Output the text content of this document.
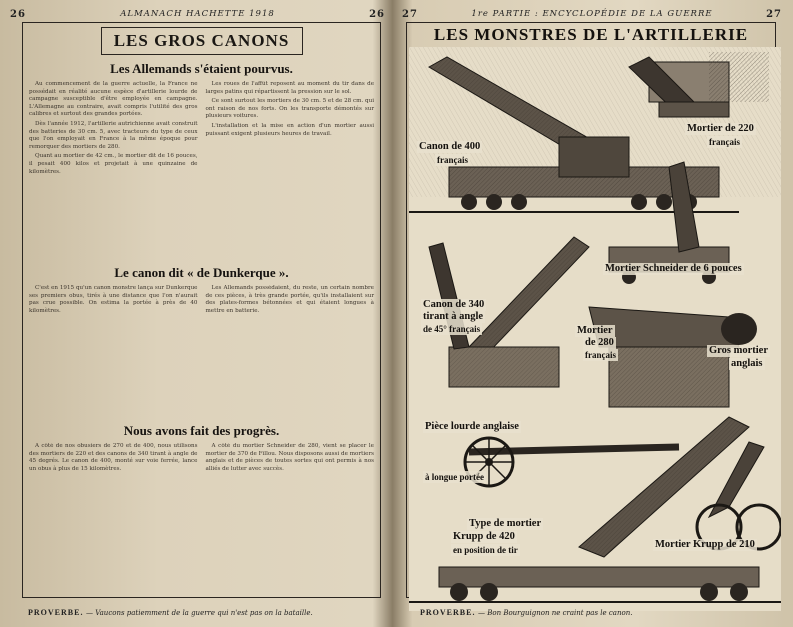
26	ALMANACH HACHETTE 1918	26
LES GROS CANONS
Les Allemands s'étaient pourvus.

Au commencement de la guerre actuelle, la France ne possédait en réalité aucune espèce d'artillerie lourde de campagne susceptible d'être employée en campagne. L'Allemagne au contraire, avait compris l'utilité des gros calibres et surtout des grandes portées.

Dès l'année 1912, l'artillerie autrichienne avait construit des batteries de 30 cm. 5, avec tracteurs du type de ceux que l'on employait en France à la même époque pour remorquer des mortiers de 280.

Quant au mortier de 42 cm., le mortier dit de 16 pouces, il pesait 400 kilos et projetait à une quinzaine de kilomètres.

Les roues de l'affût reposent au moment du tir dans de larges patins qui répartissent la pression sur le sol.

Ce sont surtout les mortiers de 30 cm. 5 et de 28 cm. qui ont raison de nos forts. On les transporte démontés sur plusieurs voitures.

L'installation et la mise en action d'un mortier aussi puissant exigent plusieurs heures de travail.

Le canon dit « de Dunkerque ».

C'est en 1915 qu'un canon monstre lança sur Dunkerque ses premiers obus, tirés à une distance que l'on n'aurait pas crue possible. On estima la portée à près de 40 kilomètres.

Les Allemands possédaient, du reste, un certain nombre de ces pièces, à très grande portée, qu'ils installaient sur des plates-formes bétonnées et qui étaient longues à mettre en batterie.

Nous avons fait des progrès.

A côté de nos obusiers de 270 et de 400, nous utilisons des mortiers de 220 et des canons de 340 tirant à angle de 45 degrés. Le canon de 400, monté sur voie ferrée, lance un obus à plus de 15 kilomètres.

A côté du mortier Schneider de 280, vient se placer le mortier de 370 de Fillou. Nous disposons aussi de mortiers anglais et de pièces de toutes sortes qui ont permis à nos alliés de lutter avec succès.

PROVERBE. — Vaucons patiemment de la guerre qui n'est pas on la bataille.
27	1re PARTIE : ENCYCLOPÉDIE DE LA GUERRE	27
LES MONSTRES DE L'ARTILLERIE
Canon de 400
français
Mortier de 220
français
Mortier Schneider de 6 pouces
Canon de 340
tirant à angle
de 45° français	Mortier
de 280
français	Gros mortier
anglais
Pièce lourde anglaise
à longue portée
Type de mortier
Krupp de 420
en position de tir	Mortier Krupp de 210
PROVERBE. — Bon Bourguignon ne craint pas le canon.
